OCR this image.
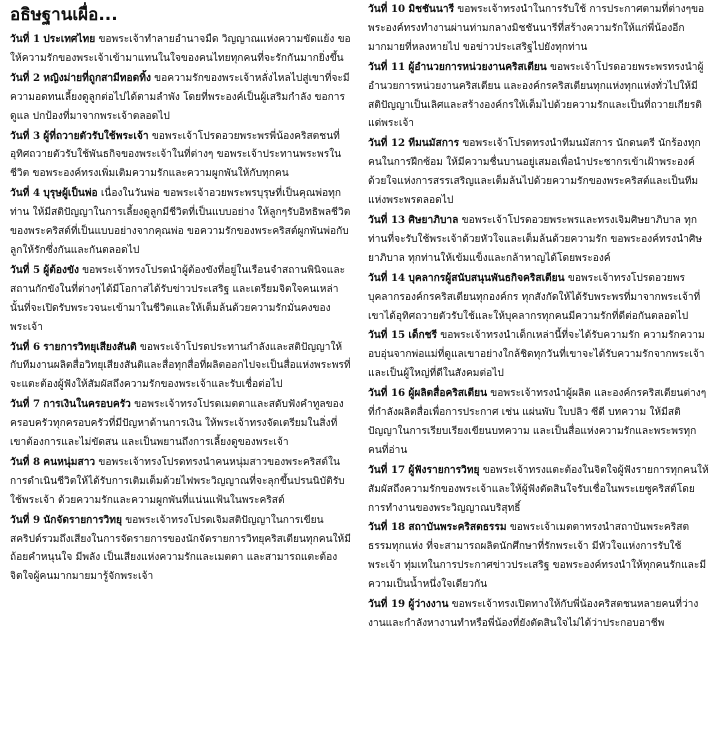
อธิษฐานเผื่อ...

วันที่ 1 ประเทศไทย ขอพระเจ้าทำลายอำนาจมืด วิญญาณแห่งความขัดแย้ง ขอให้ความรักของพระเจ้าเข้ามาแทนในใจของคนไทยทุกคนที่จะรักกันมากยิ่งขึ้น

วันที่ 2 หญิงม่ายที่ถูกสามีทอดทิ้ง ขอความรักของพระเจ้าหลั่งไหลไปสู่เขาที่จะมีความอดทนเลี้ยงดูลูกต่อไปได้ตามลำพัง โดยที่พระองค์เป็นผู้เสริมกำลัง ขอการดูแล ปกป้องที่มาจากพระเจ้าตลอดไป

วันที่ 3 ผู้ที่ถวายตัวรับใช้พระเจ้า ขอพระเจ้าโปรดอวยพระพรพี่น้องคริสตชนที่อุทิศถวายตัวรับใช้พันธกิจของพระเจ้าในที่ต่างๆ ขอพระเจ้าประทานพระพรในชีวิต ขอพระองค์ทรงเพิ่มเติมความรักและความผูกพันให้กับทุกคน

วันที่ 4 บุรุษผู้เป็นพ่อ เนื่องในวันพ่อ ขอพระเจ้าอวยพระพรบุรุษที่เป็นคุณพ่อทุกท่าน ให้มีสติปัญญาในการเลี้ยงดูลูกมีชีวิตที่เป็นแบบอย่าง ให้ลูกๆรับอิทธิพลชีวิตของพระคริสต์ที่เป็นแบบอย่างจากคุณพ่อ ขอความรักของพระคริสต์ผูกพันพ่อกับลูกให้รักซึ่งกันและกันตลอดไป

วันที่ 5 ผู้ต้องขัง ขอพระเจ้าทรงโปรดนำผู้ต้องขังที่อยู่ในเรือนจำสถานพินิจและสถานกักขังในที่ต่างๆได้มีโอกาสได้รับข่าวประเสริฐ และเตรียมจิตใจคนเหล่านั้นที่จะเปิดรับพระวจนะเข้ามาในชีวิตและให้เต็มล้นด้วยความรักมั่นคงของพระเจ้า

วันที่ 6 รายการวิทยุเสียงสันติ ขอพระเจ้าโปรดประทานกำลังและสติปัญญาให้กับทีมงานผลิตสื่อวิทยุเสียงสันติและสื่อทุกสื่อที่ผลิตออกไปจะเป็นสื่อแห่งพระพรที่จะแตะต้องผู้ฟังให้สัมผัสถึงความรักของพระเจ้าและรับเชื่อต่อไป

วันที่ 7 การเงินในครอบครัว ขอพระเจ้าทรงโปรดเมตตาและสดับฟังคำทูลของครอบครัวทุกครอบครัวที่มีปัญหาด้านการเงิน ให้พระเจ้าทรงจัดเตรียมในสิ่งที่เขาต้องการและไม่ขัดสน และเป็นพยานถึงการเลี้ยงดูของพระเจ้า

วันที่ 8 คนหนุ่มสาว ขอพระเจ้าทรงโปรดทรงนำคนหนุ่มสาวของพระคริสต์ในการดำเนินชีวิตให้ได้รับการเติมเต็มด้วยไฟพระวิญญาณที่จะลุกขึ้นปรนนิบัติรับใช้พระเจ้า ด้วยความรักและความผูกพันที่แน่นแฟ้นในพระคริสต์

วันที่ 9 นักจัดรายการวิทยุ ขอพระเจ้าทรงโปรดเจิมสติปัญญาในการเขียนสคริปต์รวมถึงเสียงในการจัดรายการของนักจัดรายการวิทยุคริสเตียนทุกคนให้มีถ้อยคำหนุนใจ มีพลัง เป็นเสียงแห่งความรักและเมตตา และสามารถแตะต้องจิตใจผู้คนมากมายมารู้จักพระเจ้า

วันที่ 10 มิชชันนารี ขอพระเจ้าทรงนำในการรับใช้ การประกาศตามที่ต่างๆขอพระองค์ทรงทำงานผ่านท่ามกลางมิชชันนารีที่สร้างความรักให้แก่พี่น้องอีกมากมายที่หลงหายไป ขอข่าวประเสริฐไปยังทุกท่าน

วันที่ 11 ผู้อำนวยการหน่วยงานคริสเตียน ขอพระเจ้าโปรดอวยพระพรทรงนำผู้อำนวยการหน่วยงานคริสเตียน และองค์กรคริสเตียนทุกแห่งทุกแห่งทั่วไปให้มีสติปัญญาเป็นเลิศและสร้างองค์กรให้เต็มไปด้วยความรักและเป็นที่ถวายเกียรติแด่พระเจ้า

วันที่ 12 ทีมนมัสการ ขอพระเจ้าโปรดทรงนำทีมนมัสการ นักดนตรี นักร้องทุกคนในการฝึกซ้อม ให้มีความชื่นบานอยู่เสมอเพื่อนำประชากรเข้าเฝ้าพระองค์ด้วยใจแห่งการสรรเสริญและเต็มล้นไปด้วยความรักของพระคริสต์และเป็นทีมแห่งพระพรตลอดไป

วันที่ 13 ศิษยาภิบาล ขอพระเจ้าโปรดอวยพระพรและทรงเจิมศิษยาภิบาล ทุกท่านที่จะรับใช้พระเจ้าด้วยหัวใจและเต็มล้นด้วยความรัก ขอพระองค์ทรงนำศิษยาภิบาล ทุกท่านให้เข้มแข็งและกล้าหาญได้โดยพระองค์

วันที่ 14 บุคลากรผู้สนับสนุนพันธกิจคริสเตียน ขอพระเจ้าทรงโปรดอวยพรบุคลากรองค์กรคริสเตียนทุกองค์กร ทุกสังกัดให้ได้รับพระพรที่มาจากพระเจ้าที่เขาได้อุทิศถวายตัวรับใช้และให้บุคลากรทุกคนมีความรักที่ดีต่อกันตลอดไป

วันที่ 15 เด็กชรี ขอพระเจ้าทรงนำเด็กเหล่านี้ที่จะได้รับความรัก ความรักความอบอุ่นจากพ่อแม่ที่ดูแลเขาอย่างใกล้ชิดทุกวันที่เขาจะได้รับความรักจากพระเจ้าและเป็นผู้ใหญ่ที่ดีในสังคมต่อไป

วันที่ 16 ผู้ผลิตสื่อคริสเตียน ขอพระเจ้าทรงนำผู้ผลิต และองค์กรคริสเตียนต่างๆที่กำลังผลิตสื่อเพื่อการประกาศ เช่น แผ่นพับ ใบปลิว ซีดี บทความ ให้มีสติปัญญาในการเรียบเรียงเขียนบทความ และเป็นสื่อแห่งความรักและพระพรทุกคนที่อ่าน

วันที่ 17 ผู้ฟังรายการวิทยุ ขอพระเจ้าทรงแตะต้องในจิตใจผู้ฟังรายการทุกคนให้สัมผัสถึงความรักของพระเจ้าและให้ผู้ฟังตัดสินใจรับเชื่อในพระเยซูคริสต์โดยการทำงานของพระวิญญาณบริสุทธิ์

วันที่ 18 สถาบันพระคริสตธรรม ขอพระเจ้าเมตตาทรงนำสถาบันพระคริสตธรรมทุกแห่ง ที่จะสามารถผลิตนักศึกษาที่รักพระเจ้า มีหัวใจแห่งการรับใช้พระเจ้า ทุ่มเทในการประกาศข่าวประเสริฐ ขอพระองค์ทรงนำให้ทุกคนรักและมีความเป็นน้ำหนึ่งใจเดียวกัน

วันที่ 19 ผู้ว่างงาน ขอพระเจ้าทรงเปิดทางให้กับพี่น้องคริสตชนหลายคนที่ว่างงานและกำลังหางานทำหรือพี่น้องที่ยังตัดสินใจไม่ได้ว่าประกอบอาชีพ
